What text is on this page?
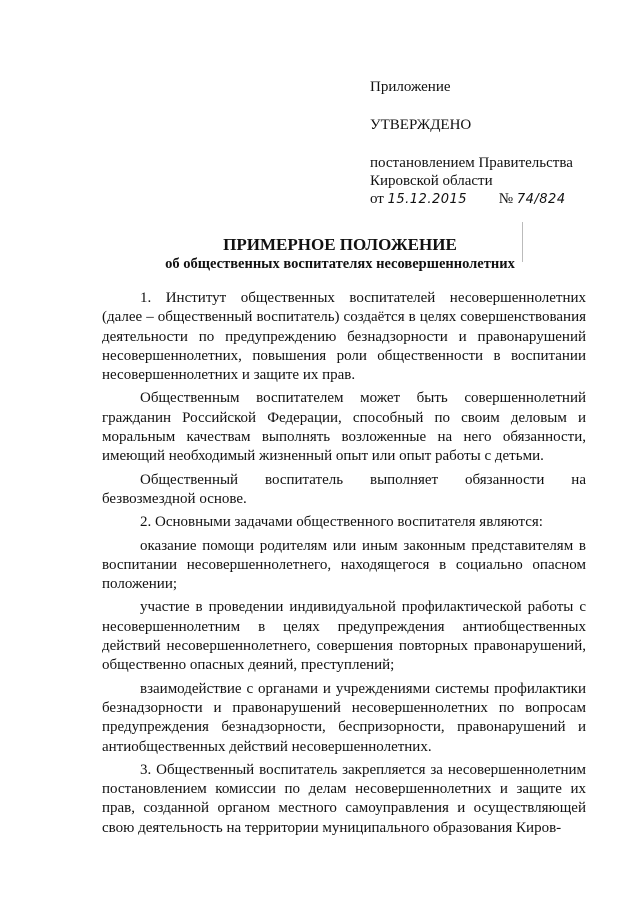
Приложение
УТВЕРЖДЕНО
постановлением Правительства
Кировской области
от 15.12.2015 № 74/824
ПРИМЕРНОЕ ПОЛОЖЕНИЕ
об общественных воспитателях несовершеннолетних

1. Институт общественных воспитателей несовершеннолетних (далее – общественный воспитатель) создаётся в целях совершенствования деятельности по предупреждению безнадзорности и правонарушений несовершеннолетних, повышения роли общественности в воспитании несовершеннолетних и защите их прав.

Общественным воспитателем может быть совершеннолетний гражданин Российской Федерации, способный по своим деловым и моральным качествам выполнять возложенные на него обязанности, имеющий необходимый жизненный опыт или опыт работы с детьми.

Общественный воспитатель выполняет обязанности на безвозмездной основе.

2. Основными задачами общественного воспитателя являются:

оказание помощи родителям или иным законным представителям в воспитании несовершеннолетнего, находящегося в социально опасном положении;

участие в проведении индивидуальной профилактической работы с несовершеннолетним в целях предупреждения антиобщественных действий несовершеннолетнего, совершения повторных правонарушений, общественно опасных деяний, преступлений;

взаимодействие с органами и учреждениями системы профилактики безнадзорности и правонарушений несовершеннолетних по вопросам предупреждения безнадзорности, беспризорности, правонарушений и антиобщественных действий несовершеннолетних.

3. Общественный воспитатель закрепляется за несовершеннолетним постановлением комиссии по делам несовершеннолетних и защите их прав, созданной органом местного самоуправления и осуществляющей свою деятельность на территории муниципального образования Киров-
